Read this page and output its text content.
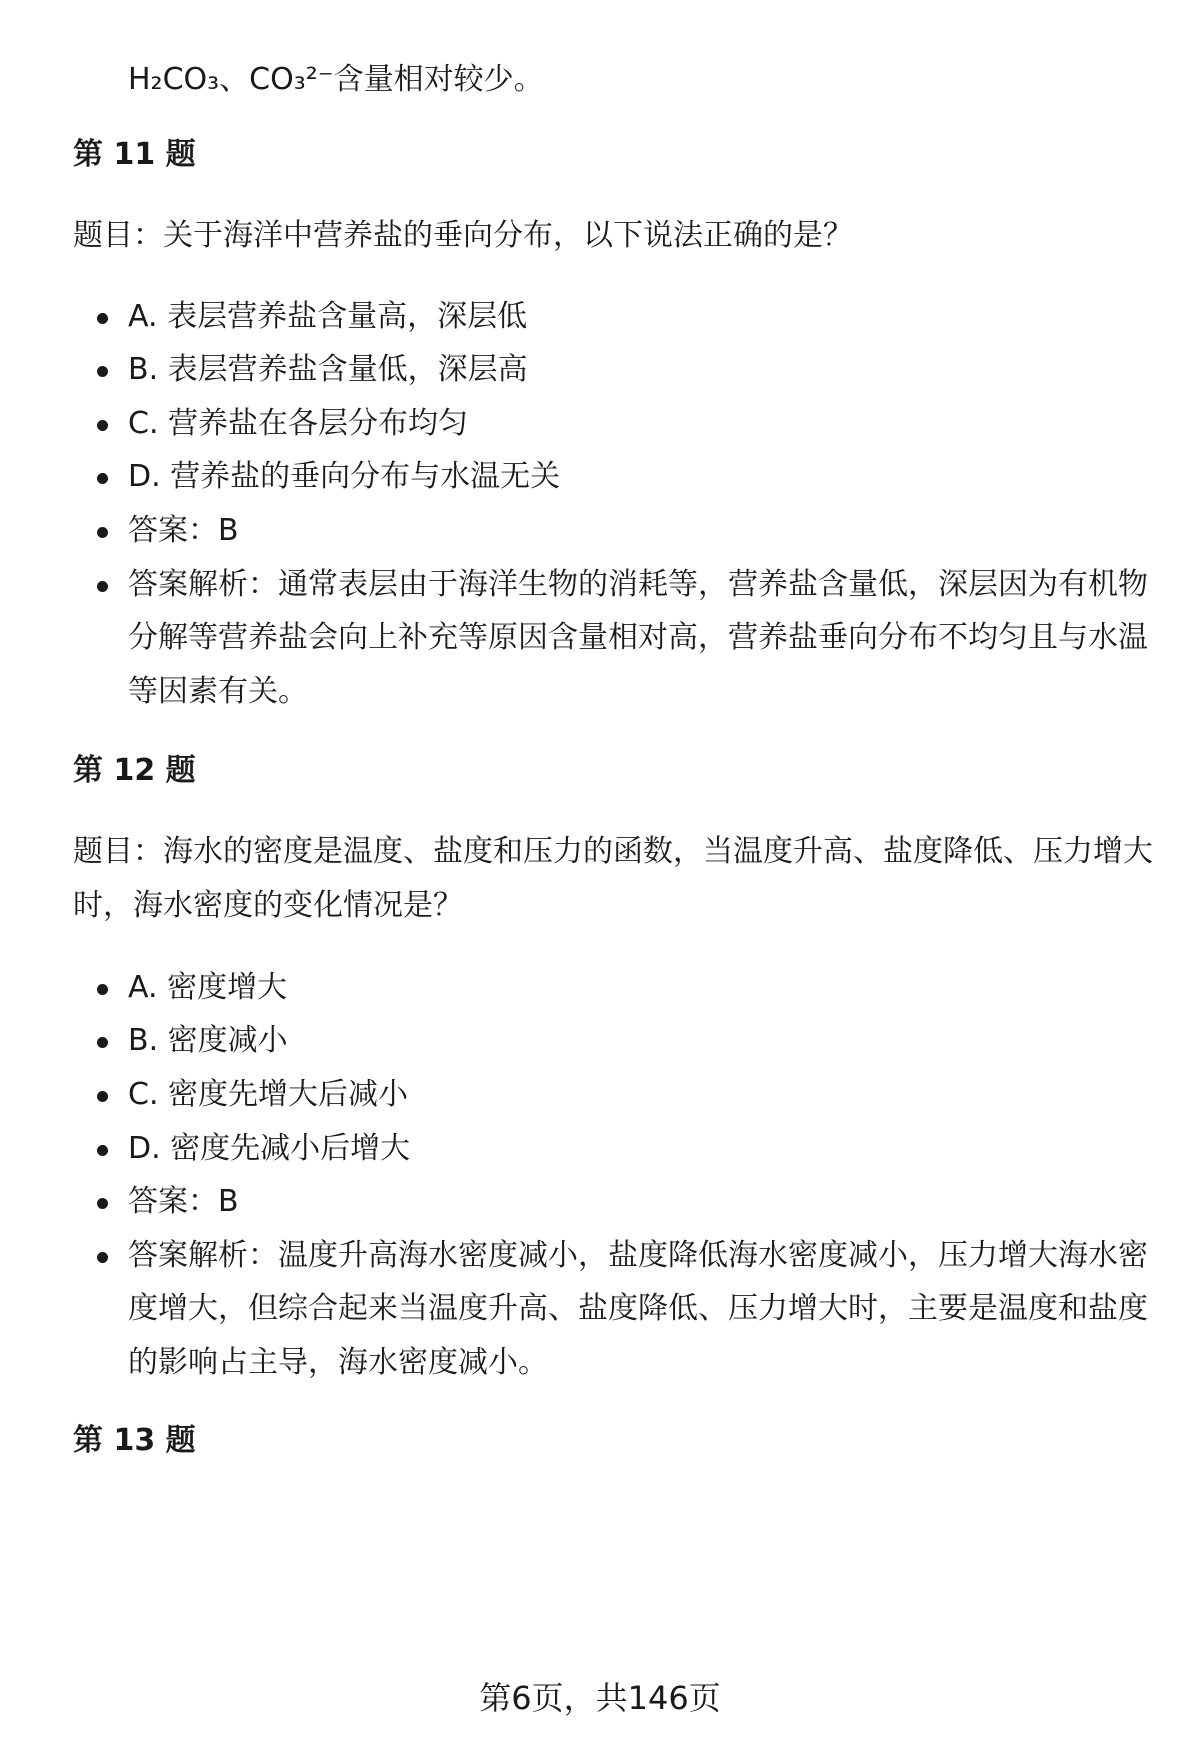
H₂CO₃、CO₃²⁻含量相对较少。
第 11 题
题目：关于海洋中营养盐的垂向分布，以下说法正确的是？
A. 表层营养盐含量高，深层低
B. 表层营养盐含量低，深层高
C. 营养盐在各层分布均匀
D. 营养盐的垂向分布与水温无关
答案：B
答案解析：通常表层由于海洋生物的消耗等，营养盐含量低，深层因为有机物
分解等营养盐会向上补充等原因含量相对高，营养盐垂向分布不均匀且与水温
等因素有关。
第 12 题
题目：海水的密度是温度、盐度和压力的函数，当温度升高、盐度降低、压力增大
时，海水密度的变化情况是？
A. 密度增大
B. 密度减小
C. 密度先增大后减小
D. 密度先减小后增大
答案：B
答案解析：温度升高海水密度减小，盐度降低海水密度减小，压力增大海水密
度增大，但综合起来当温度升高、盐度降低、压力增大时，主要是温度和盐度
的影响占主导，海水密度减小。
第 13 题
第6页，共146页
